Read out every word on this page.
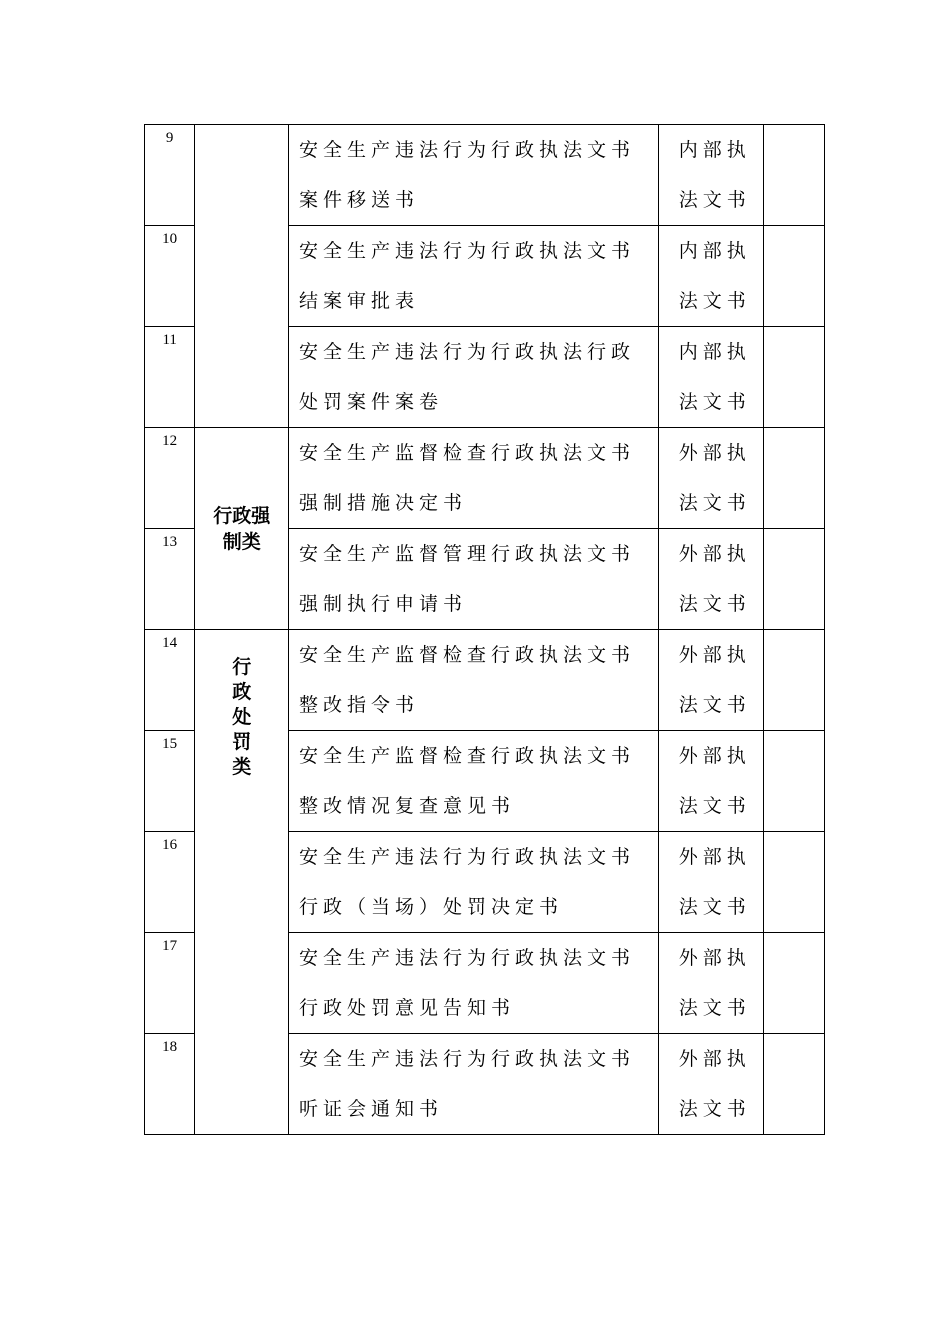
9		安全生产违法行为行政执法文书案件移送书	内部执法文书	
10		安全生产违法行为行政执法文书结案审批表	内部执法文书	
11		安全生产违法行为行政执法行政处罚案件案卷	内部执法文书	
12	行政强制类	安全生产监督检查行政执法文书强制措施决定书	外部执法文书	
13		安全生产监督管理行政执法文书强制执行申请书	外部执法文书	
14	行
政
处
罚
类	安全生产监督检查行政执法文书整改指令书	外部执法文书	
15		安全生产监督检查行政执法文书整改情况复查意见书	外部执法文书	
16		安全生产违法行为行政执法文书行政（当场）处罚决定书	外部执法文书	
17		安全生产违法行为行政执法文书行政处罚意见告知书	外部执法文书	
18		安全生产违法行为行政执法文书听证会通知书	外部执法文书	
